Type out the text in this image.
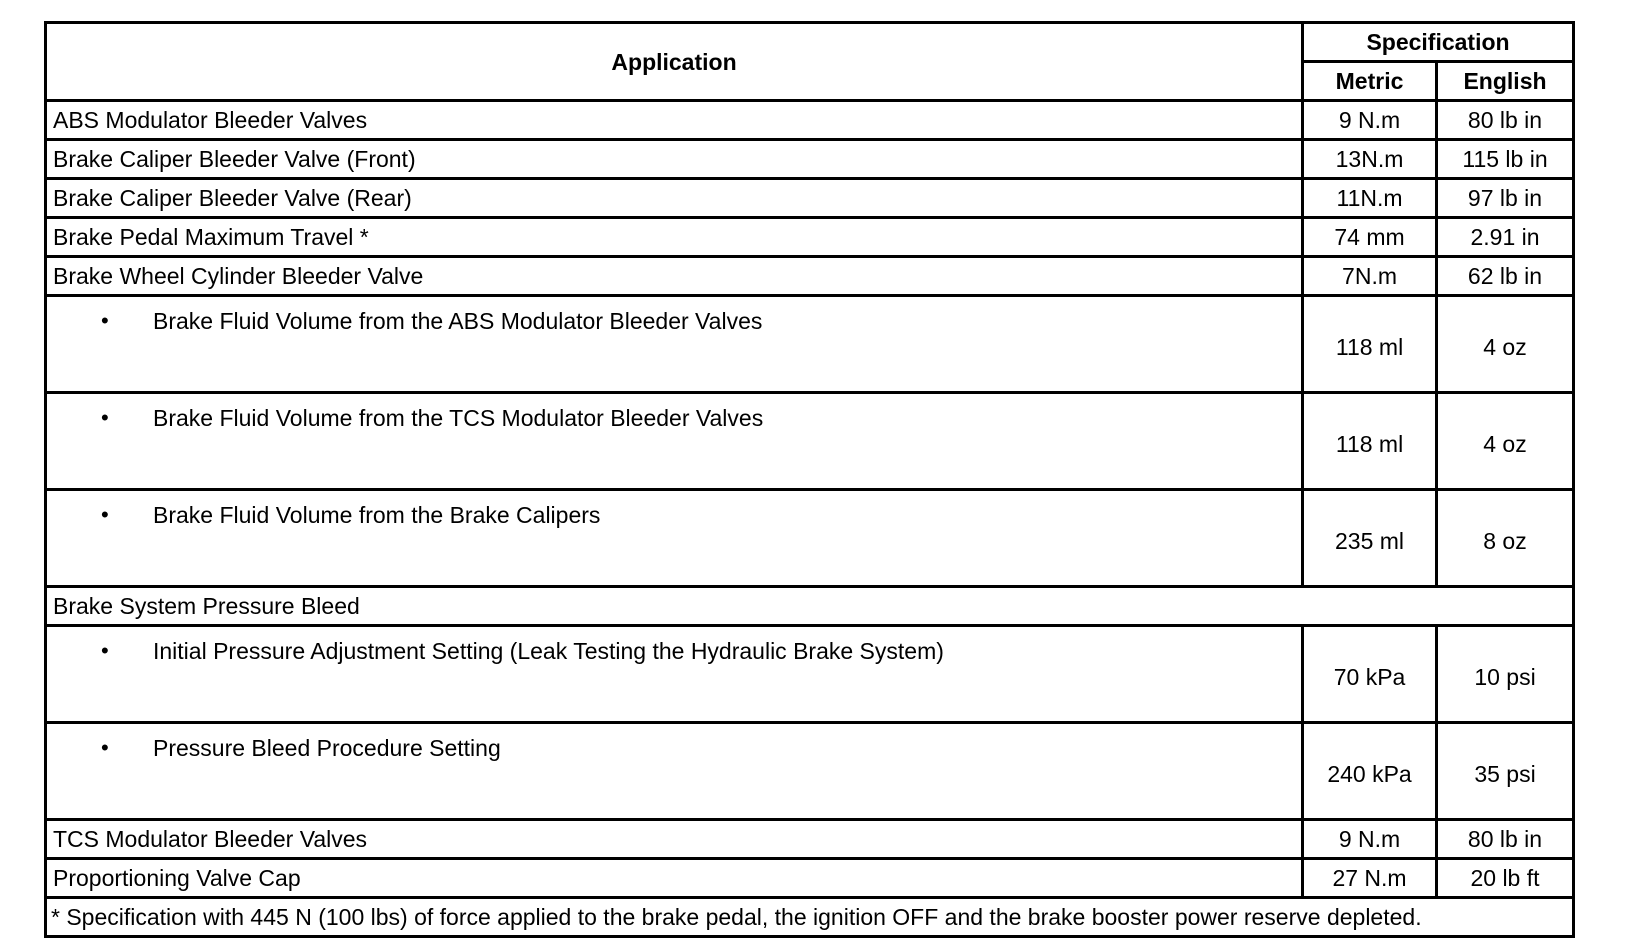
Application	Specification	
	Metric	English
ABS Modulator Bleeder Valves	9 N.m	80 lb in
Brake Caliper Bleeder Valve (Front)	13N.m	115 lb in
Brake Caliper Bleeder Valve (Rear)	11N.m	97 lb in
Brake Pedal Maximum Travel *	74 mm	2.91 in
Brake Wheel Cylinder Bleeder Valve	7N.m	62 lb in

• Brake Fluid Volume from the ABS Modulator Bleeder Valves	118 ml	4 oz

• Brake Fluid Volume from the TCS Modulator Bleeder Valves	118 ml	4 oz

• Brake Fluid Volume from the Brake Calipers	235 ml	8 oz
Brake System Pressure Bleed		

• Initial Pressure Adjustment Setting (Leak Testing the Hydraulic Brake System)	70 kPa	10 psi

• Pressure Bleed Procedure Setting	240 kPa	35 psi
TCS Modulator Bleeder Valves	9 N.m	80 lb in
Proportioning Valve Cap	27 N.m	20 lb ft
* Specification with 445 N (100 lbs) of force applied to the brake pedal, the ignition OFF and the brake booster power reserve depleted.		
